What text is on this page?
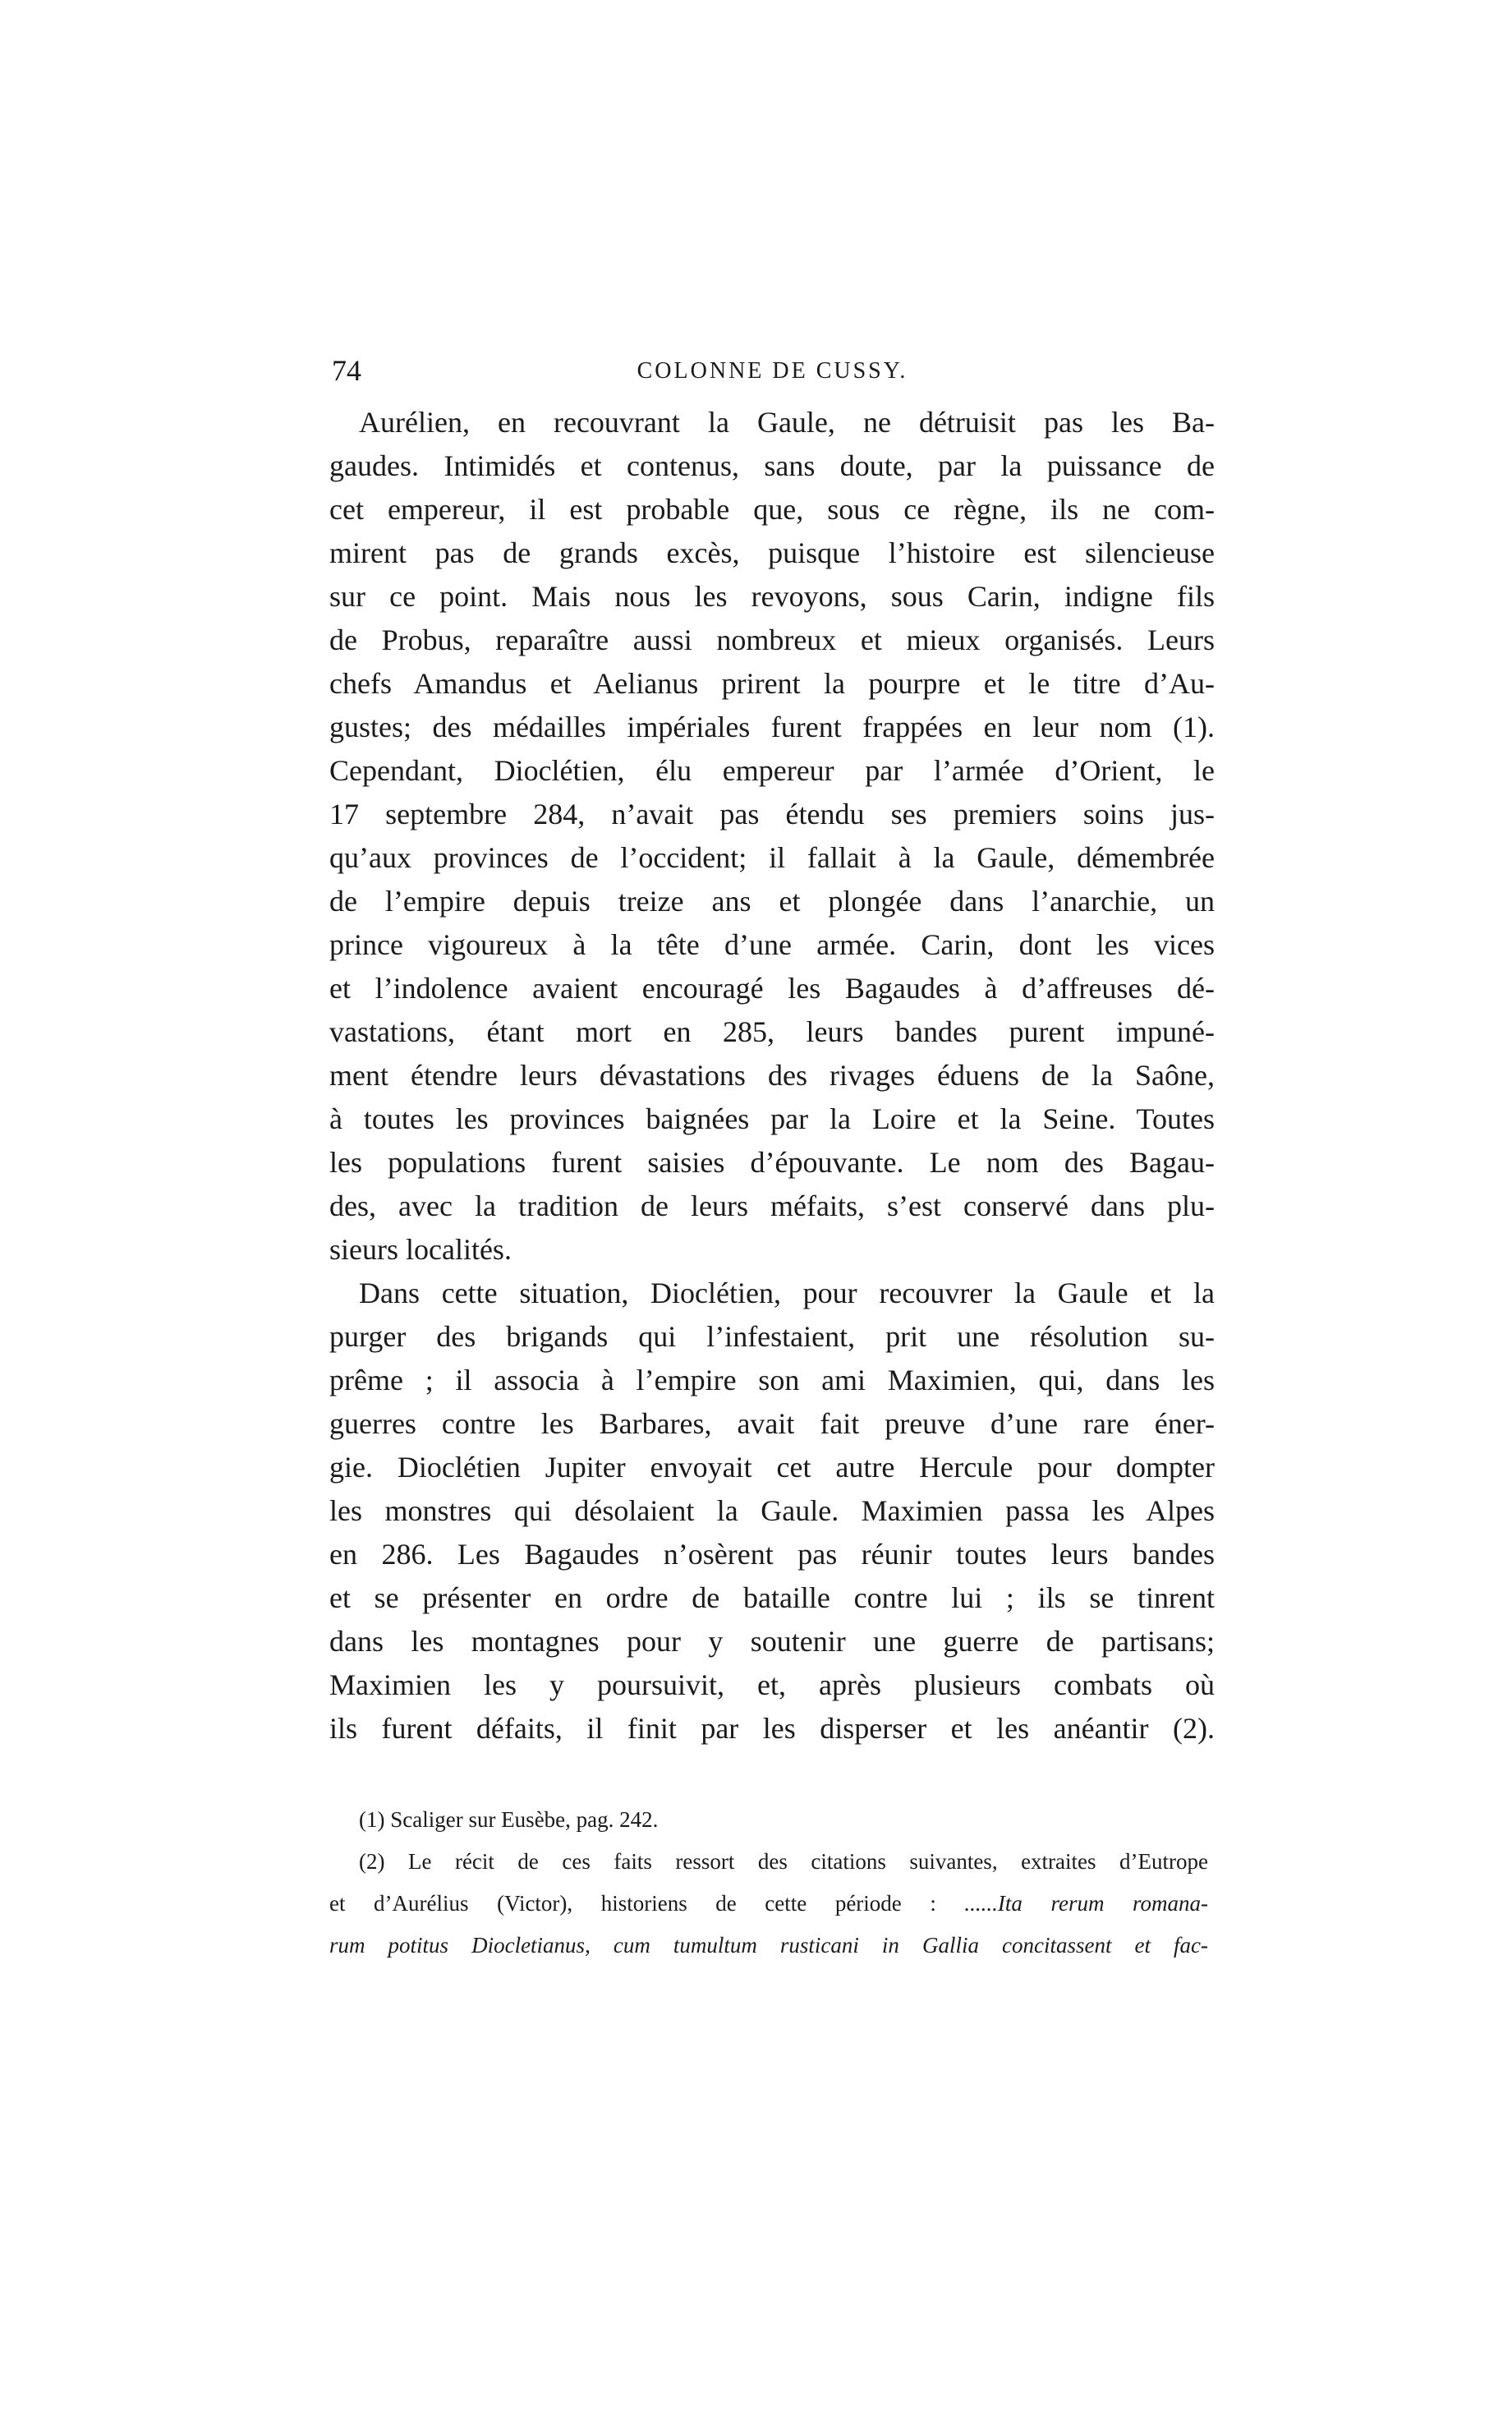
74	COLONNE DE CUSSY.
Aurélien, en recouvrant la Gaule, ne détruisit pas les Ba-
gaudes. Intimidés et contenus, sans doute, par la puissance de
cet empereur, il est probable que, sous ce règne, ils ne com-
mirent pas de grands excès, puisque l’histoire est silencieuse
sur ce point. Mais nous les revoyons, sous Carin, indigne fils
de Probus, reparaître aussi nombreux et mieux organisés. Leurs
chefs Amandus et Aelianus prirent la pourpre et le titre d’Au-
gustes; des médailles impériales furent frappées en leur nom (1).
Cependant, Dioclétien, élu empereur par l’armée d’Orient, le
17 septembre 284, n’avait pas étendu ses premiers soins jus-
qu’aux provinces de l’occident; il fallait à la Gaule, démembrée
de l’empire depuis treize ans et plongée dans l’anarchie, un
prince vigoureux à la tête d’une armée. Carin, dont les vices
et l’indolence avaient encouragé les Bagaudes à d’affreuses dé-
vastations, étant mort en 285, leurs bandes purent impuné-
ment étendre leurs dévastations des rivages éduens de la Saône,
à toutes les provinces baignées par la Loire et la Seine. Toutes
les populations furent saisies d’épouvante. Le nom des Bagau-
des, avec la tradition de leurs méfaits, s’est conservé dans plu-
sieurs localités.
Dans cette situation, Dioclétien, pour recouvrer la Gaule et la
purger des brigands qui l’infestaient, prit une résolution su-
prême ; il associa à l’empire son ami Maximien, qui, dans les
guerres contre les Barbares, avait fait preuve d’une rare éner-
gie. Dioclétien Jupiter envoyait cet autre Hercule pour dompter
les monstres qui désolaient la Gaule. Maximien passa les Alpes
en 286. Les Bagaudes n’osèrent pas réunir toutes leurs bandes
et se présenter en ordre de bataille contre lui ; ils se tinrent
dans les montagnes pour y soutenir une guerre de partisans;
Maximien les y poursuivit, et, après plusieurs combats où
ils furent défaits, il finit par les disperser et les anéantir (2).
(1) Scaliger sur Eusèbe, pag. 242.
(2) Le récit de ces faits ressort des citations suivantes, extraites d’Eutrope
et d’Aurélius (Victor), historiens de cette période : ......Ita rerum romana-
rum potitus Diocletianus, cum tumultum rusticani in Gallia concitassent et fac-
